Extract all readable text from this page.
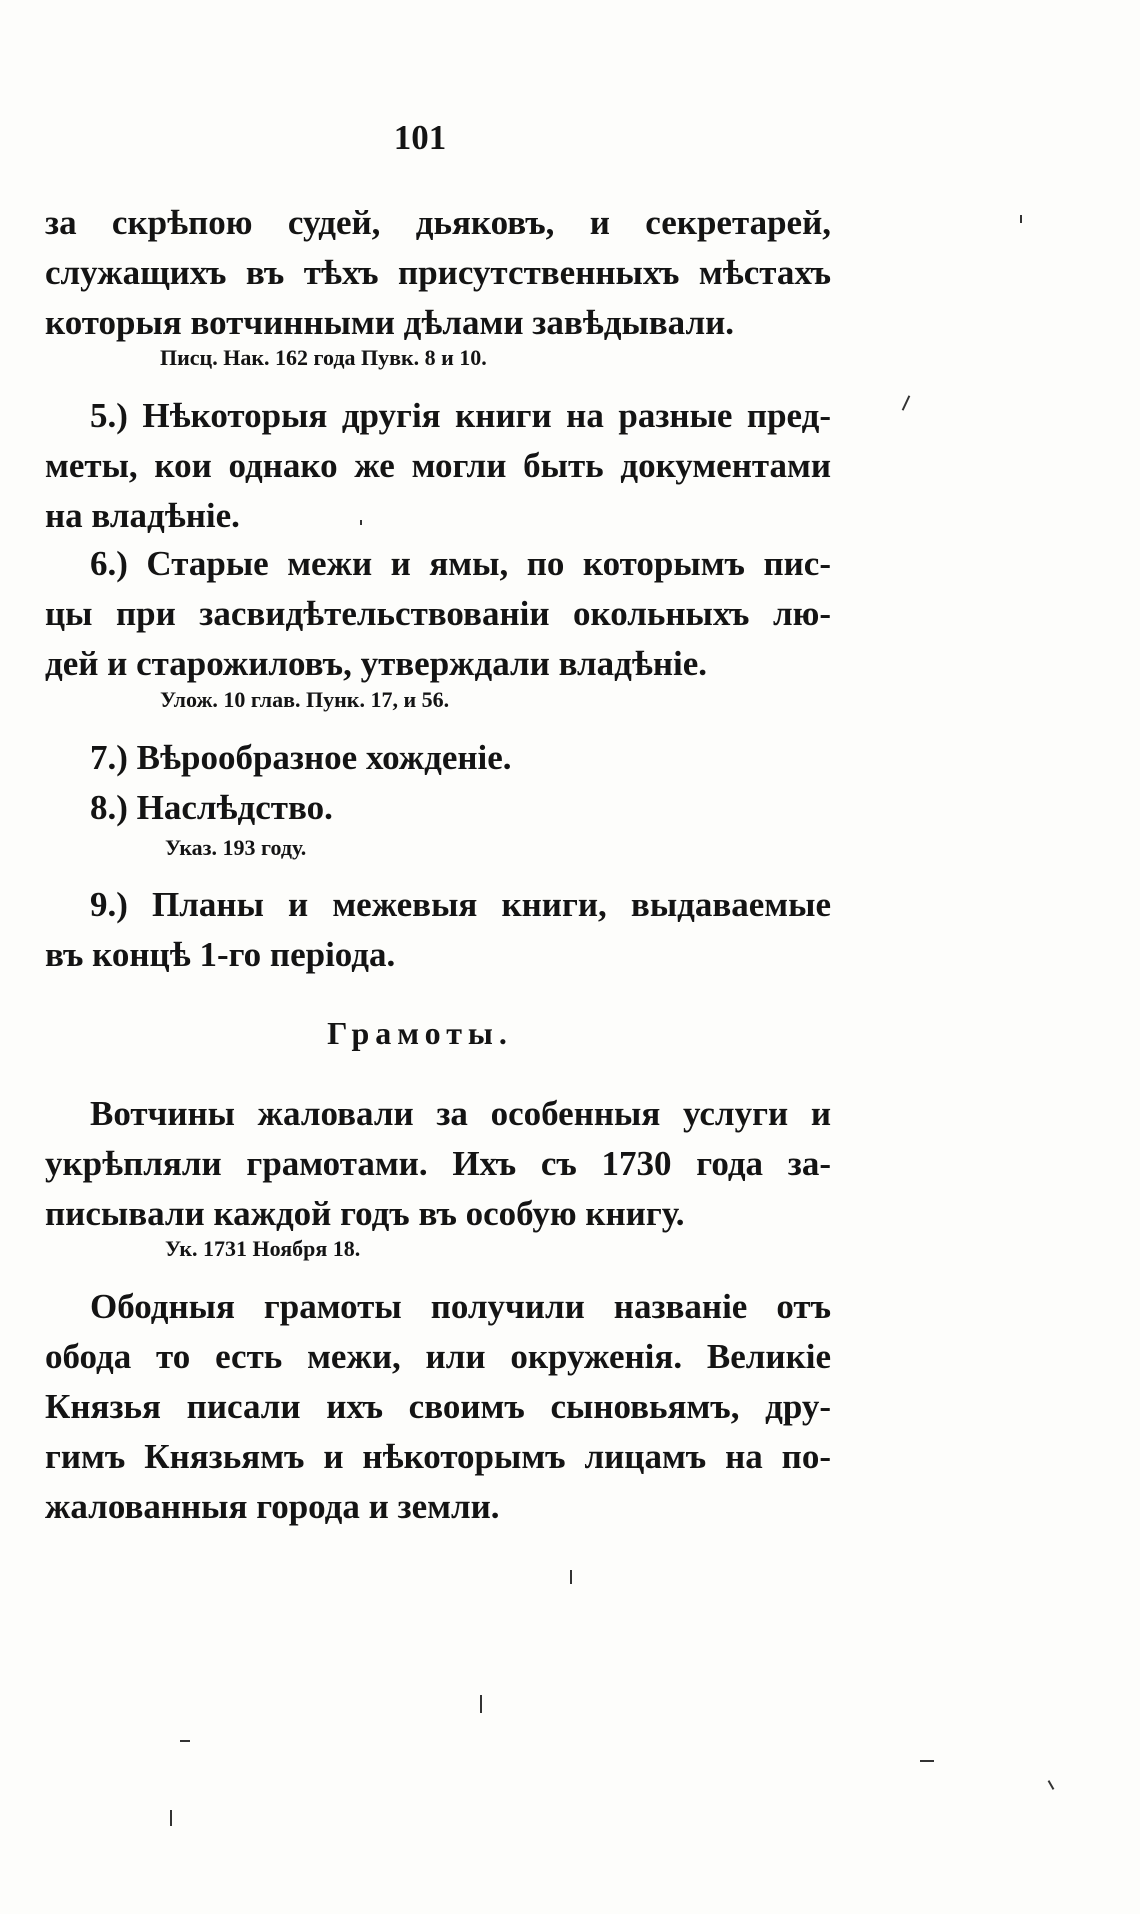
101
за скрѣпою судей, дьяковъ, и секретарей,
служащихъ въ тѣхъ присутственныхъ мѣстахъ
которыя вотчинными дѣлами завѣдывали.
Писц. Нак. 162 года Пувк. 8 и 10.
5.) Нѣкоторыя другія книги на разные пред-
меты, кои однако же могли быть документами
на владѣніе.
6.) Старые межи и ямы, по которымъ пис-
цы при засвидѣтельствованіи окольныхъ лю-
дей и старожиловъ, утверждали владѣніе.
Улож. 10 глав. Пунк. 17, и 56.
7.) Вѣрообразное хожденіе.
8.) Наслѣдство.
Указ. 193 году.
9.) Планы и межевыя книги, выдаваемые
въ концѣ 1-го періода.
Грамоты.
Вотчины жаловали за особенныя услуги и
укрѣпляли грамотами. Ихъ съ 1730 года за-
писывали каждой годъ въ особую книгу.
Ук. 1731 Ноября 18.
Ободныя грамоты получили названіе отъ
обода то есть межи, или окруженія. Великіе
Князья писали ихъ своимъ сыновьямъ, дру-
гимъ Князьямъ и нѣкоторымъ лицамъ на по-
жалованныя города и земли.
